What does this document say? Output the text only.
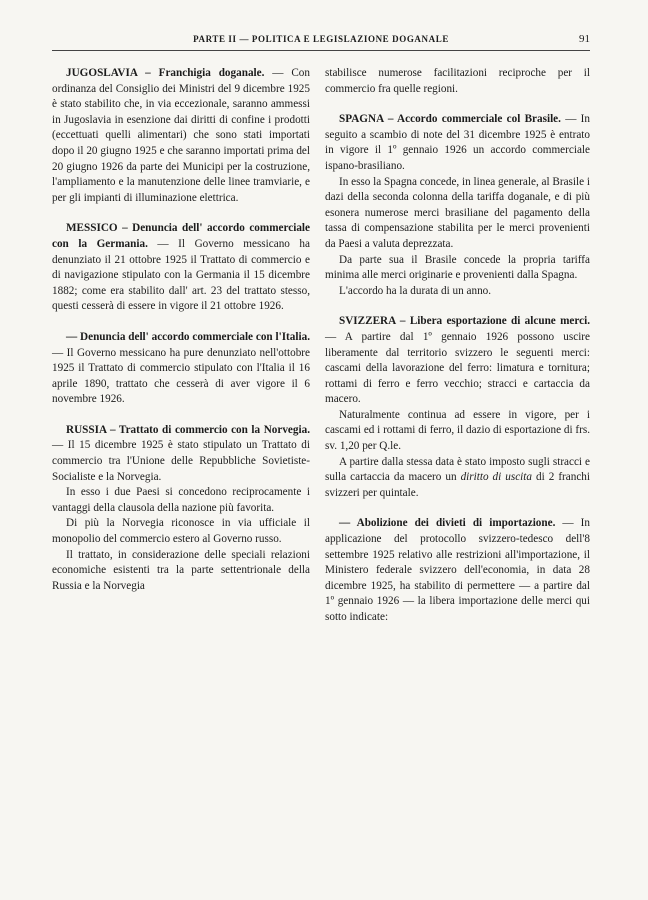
PARTE II — POLITICA E LEGISLAZIONE DOGANALE	91

JUGOSLAVIA – Franchigia doganale. — Con ordinanza del Consiglio dei Ministri del 9 dicembre 1925 è stato stabilito che, in via eccezionale, saranno ammessi in Jugoslavia in esenzione dai diritti di confine i prodotti (eccettuati quelli alimentari) che sono stati importati dopo il 20 giugno 1925 e che saranno importati prima del 20 giugno 1926 da parte dei Municipi per la costruzione, l'ampliamento e la manutenzione delle linee tramviarie, e per gli impianti di illuminazione elettrica.

MESSICO – Denuncia dell' accordo commerciale con la Germania. — Il Governo messicano ha denunziato il 21 ottobre 1925 il Trattato di commercio e di navigazione stipulato con la Germania il 15 dicembre 1882; come era stabilito dall' art. 23 del trattato stesso, questi cesserà di essere in vigore il 21 ottobre 1926.

— Denuncia dell' accordo commerciale con l'Italia. — Il Governo messicano ha pure denunziato nell'ottobre 1925 il Trattato di commercio stipulato con l'Italia il 16 aprile 1890, trattato che cesserà di aver vigore il 6 novembre 1926.

RUSSIA – Trattato di commercio con la Norvegia. — Il 15 dicembre 1925 è stato stipulato un Trattato di commercio tra l'Unione delle Repubbliche Sovietiste-Socialiste e la Norvegia.

In esso i due Paesi si concedono reciprocamente i vantaggi della clausola della nazione più favorita.

Di più la Norvegia riconosce in via ufficiale il monopolio del commercio estero al Governo russo.

Il trattato, in considerazione delle speciali relazioni economiche esistenti tra la parte settentrionale della Russia e la Norvegia

stabilisce numerose facilitazioni reciproche per il commercio fra quelle regioni.

SPAGNA – Accordo commerciale col Brasile. — In seguito a scambio di note del 31 dicembre 1925 è entrato in vigore il 1º gennaio 1926 un accordo commerciale ispano-brasiliano.

In esso la Spagna concede, in linea generale, al Brasile i dazi della seconda colonna della tariffa doganale, e di più esonera numerose merci brasiliane del pagamento della tassa di compensazione stabilita per le merci provenienti da Paesi a valuta deprezzata.

Da parte sua il Brasile concede la propria tariffa minima alle merci originarie e provenienti dalla Spagna.

L'accordo ha la durata di un anno.

SVIZZERA – Libera esportazione di alcune merci. — A partire dal 1º gennaio 1926 possono uscire liberamente dal territorio svizzero le seguenti merci: cascami della lavorazione del ferro: limatura e tornitura; rottami di ferro e ferro vecchio; stracci e cartaccia da macero.

Naturalmente continua ad essere in vigore, per i cascami ed i rottami di ferro, il dazio di esportazione di frs. sv. 1,20 per Q.le.

A partire dalla stessa data è stato imposto sugli stracci e sulla cartaccia da macero un diritto di uscita di 2 franchi svizzeri per quintale.

— Abolizione dei divieti di importazione. — In applicazione del protocollo svizzero-tedesco dell'8 settembre 1925 relativo alle restrizioni all'importazione, il Ministero federale svizzero dell'economia, in data 28 dicembre 1925, ha stabilito di permettere — a partire dal 1º gennaio 1926 — la libera importazione delle merci qui sotto indicate:
